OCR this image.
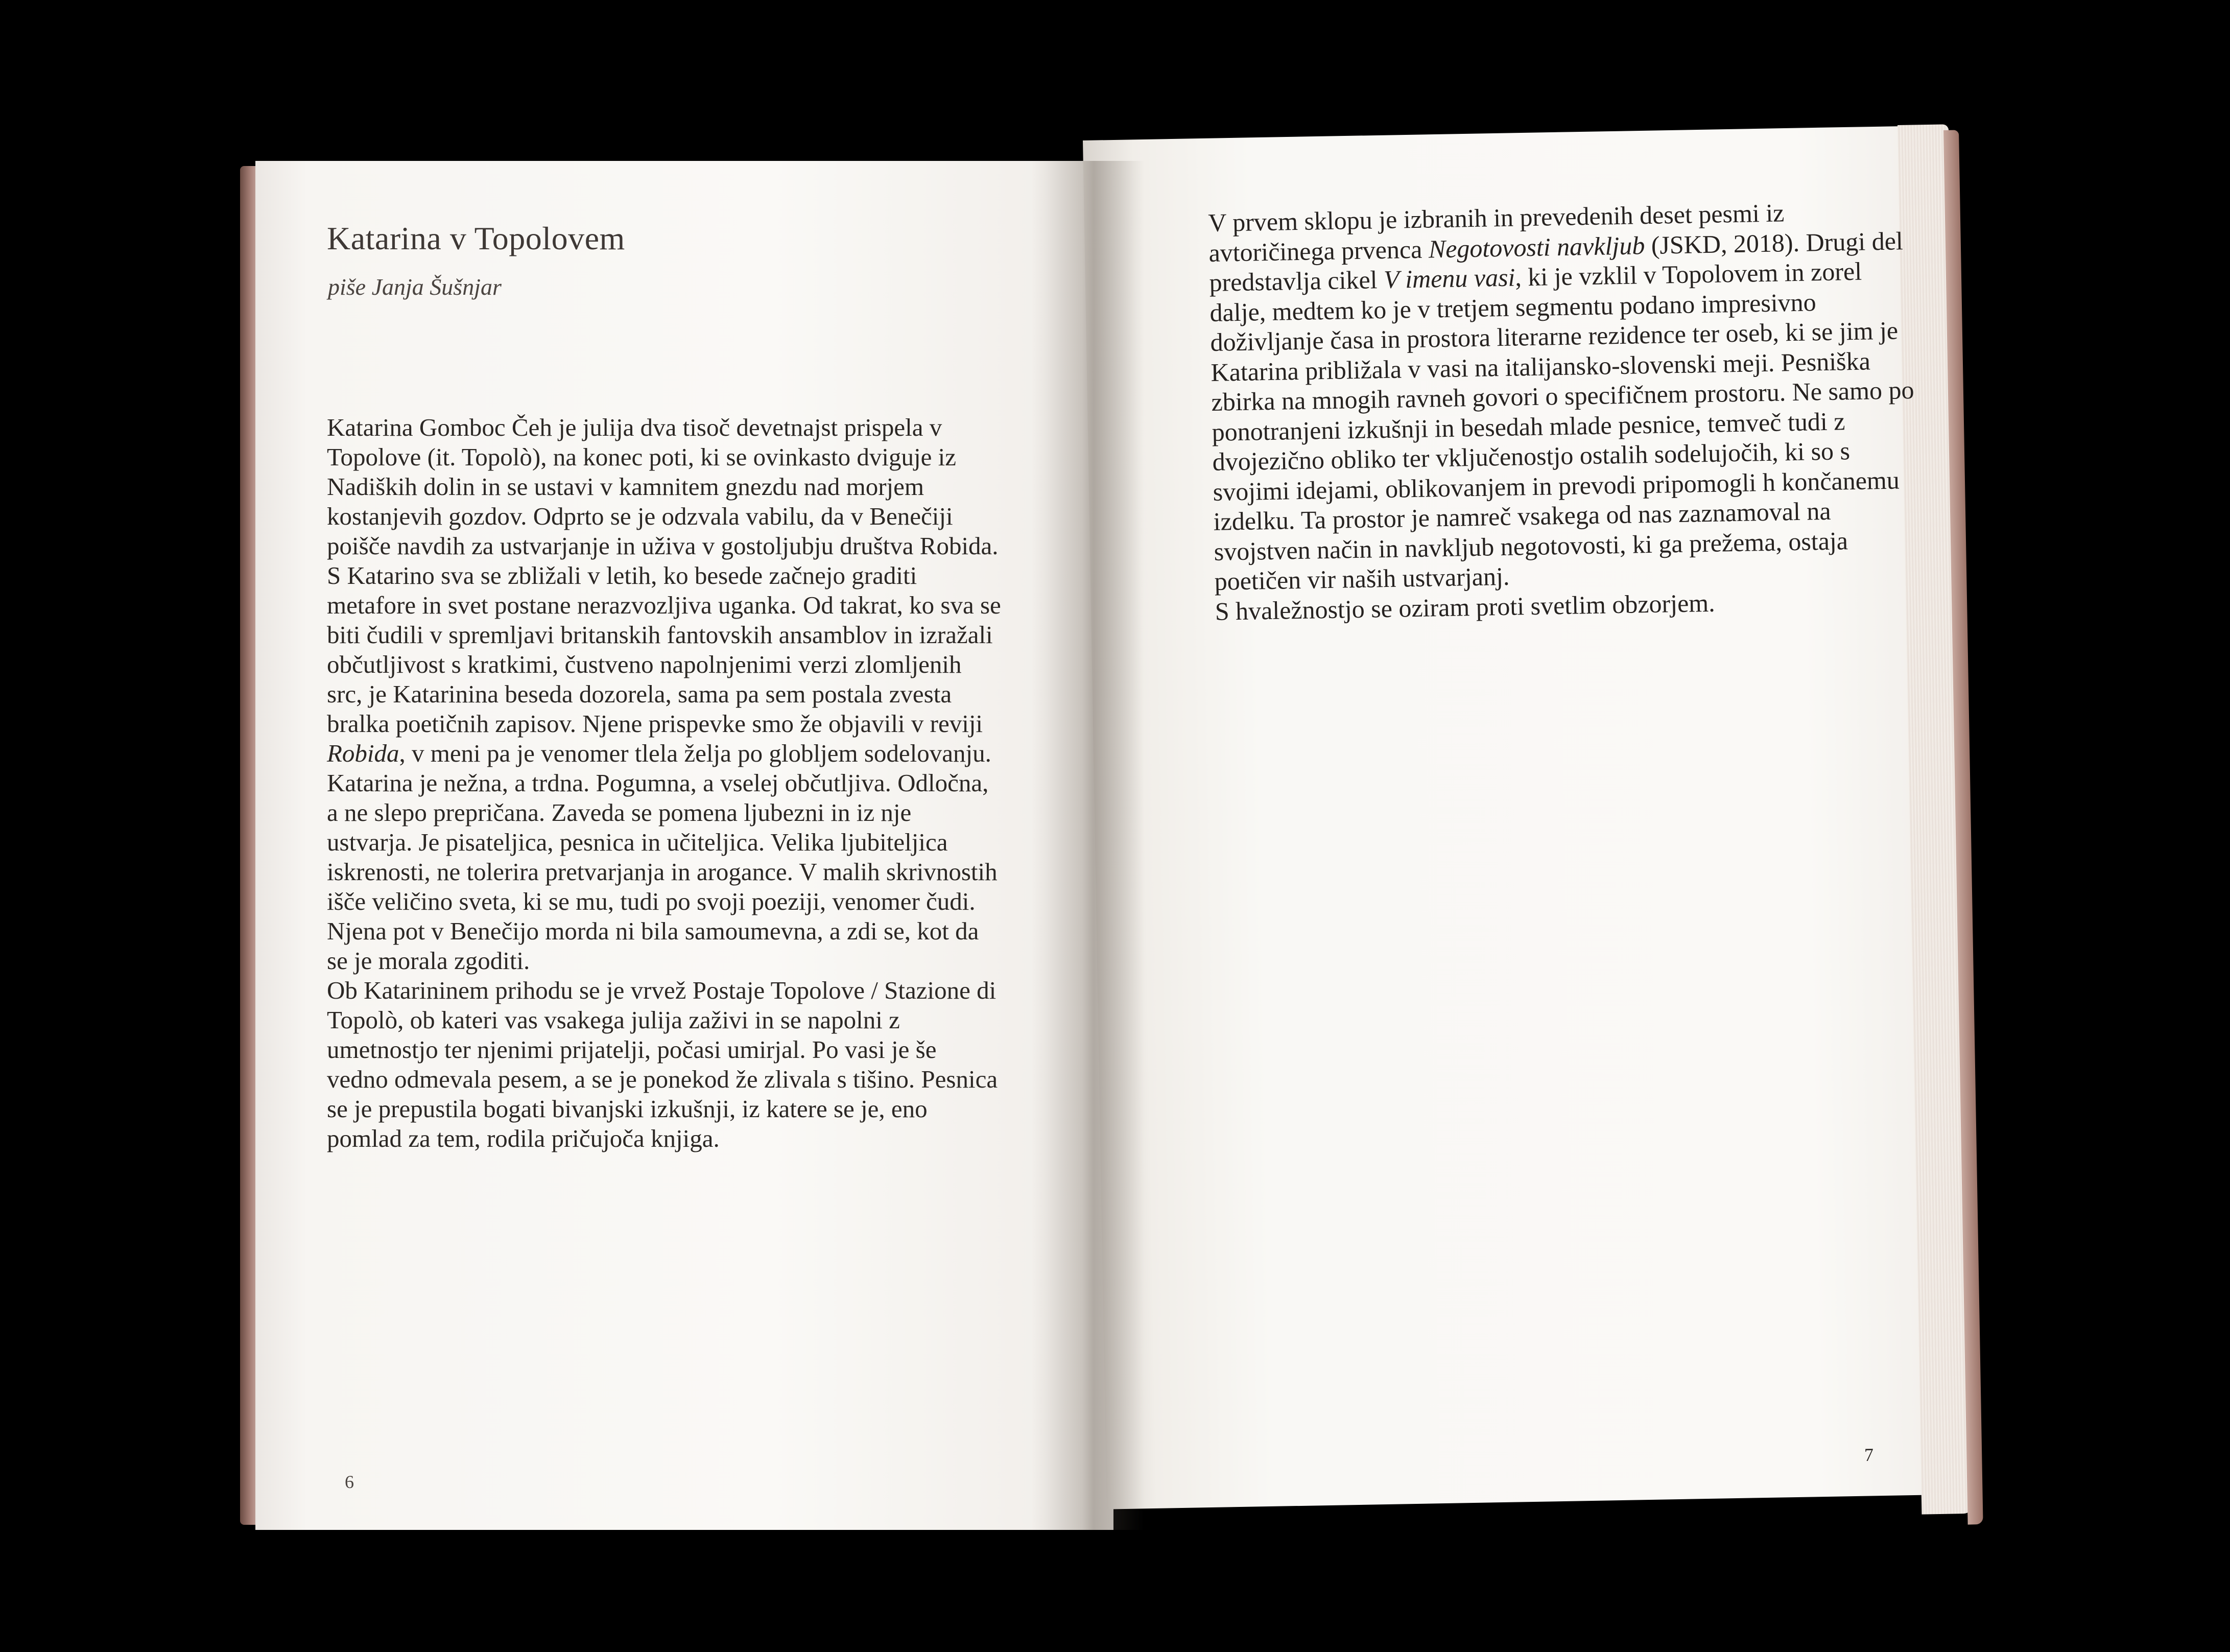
Katarina v Topolovem

piše Janja Šušnjar

Katarina Gomboc Čeh je julija dva tisoč devetnajst prispela v Topolove (it. Topolò), na konec poti, ki se ovinkasto dviguje iz Nadiških dolin in se ustavi v kamnitem gnezdu nad morjem kostanjevih gozdov. Odprto se je odzvala vabilu, da v Benečiji poišče navdih za ustvarjanje in uživa v gostoljubju društva Robida. S Katarino sva se zbližali v letih, ko besede začnejo graditi metafore in svet postane nerazvozljiva uganka. Od takrat, ko sva se biti čudili v spremljavi britanskih fantovskih ansamblov in izražali občutljivost s kratkimi, čustveno napolnjenimi verzi zlomljenih src, je Katarinina beseda dozorela, sama pa sem postala zvesta bralka poetičnih zapisov. Njene prispevke smo že objavili v reviji Robida, v meni pa je venomer tlela želja po globljem sodelovanju.

Katarina je nežna, a trdna. Pogumna, a vselej občutljiva. Odločna, a ne slepo prepričana. Zaveda se pomena ljubezni in iz nje ustvarja. Je pisateljica, pesnica in učiteljica. Velika ljubiteljica iskrenosti, ne tolerira pretvarjanja in arogance. V malih skrivnostih išče veličino sveta, ki se mu, tudi po svoji poeziji, venomer čudi. Njena pot v Benečijo morda ni bila samoumevna, a zdi se, kot da se je morala zgoditi.

Ob Katarininem prihodu se je vrvež Postaje Topolove / Stazione di Topolò, ob kateri vas vsakega julija zaživi in se napolni z umetnostjo ter njenimi prijatelji, počasi umirjal. Po vasi je še vedno odmevala pesem, a se je ponekod že zlivala s tišino. Pesnica se je prepustila bogati bivanjski izkušnji, iz katere se je, eno pomlad za tem, rodila pričujoča knjiga.

6

V prvem sklopu je izbranih in prevedenih deset pesmi iz avtoričinega prvenca Negotovosti navkljub (JSKD, 2018). Drugi del predstavlja cikel V imenu vasi, ki je vzklil v Topolovem in zorel dalje, medtem ko je v tretjem segmentu podano impresivno doživljanje časa in prostora literarne rezidence ter oseb, ki se jim je Katarina približala v vasi na italijansko-slovenski meji. Pesniška zbirka na mnogih ravneh govori o specifičnem prostoru. Ne samo po ponotranjeni izkušnji in besedah mlade pesnice, temveč tudi z dvojezično obliko ter vključenostjo ostalih sodelujočih, ki so s svojimi idejami, oblikovanjem in prevodi pripomogli h končanemu izdelku. Ta prostor je namreč vsakega od nas zaznamoval na svojstven način in navkljub negotovosti, ki ga prežema, ostaja poetičen vir naših ustvarjanj.

S hvaležnostjo se oziram proti svetlim obzorjem.

7
